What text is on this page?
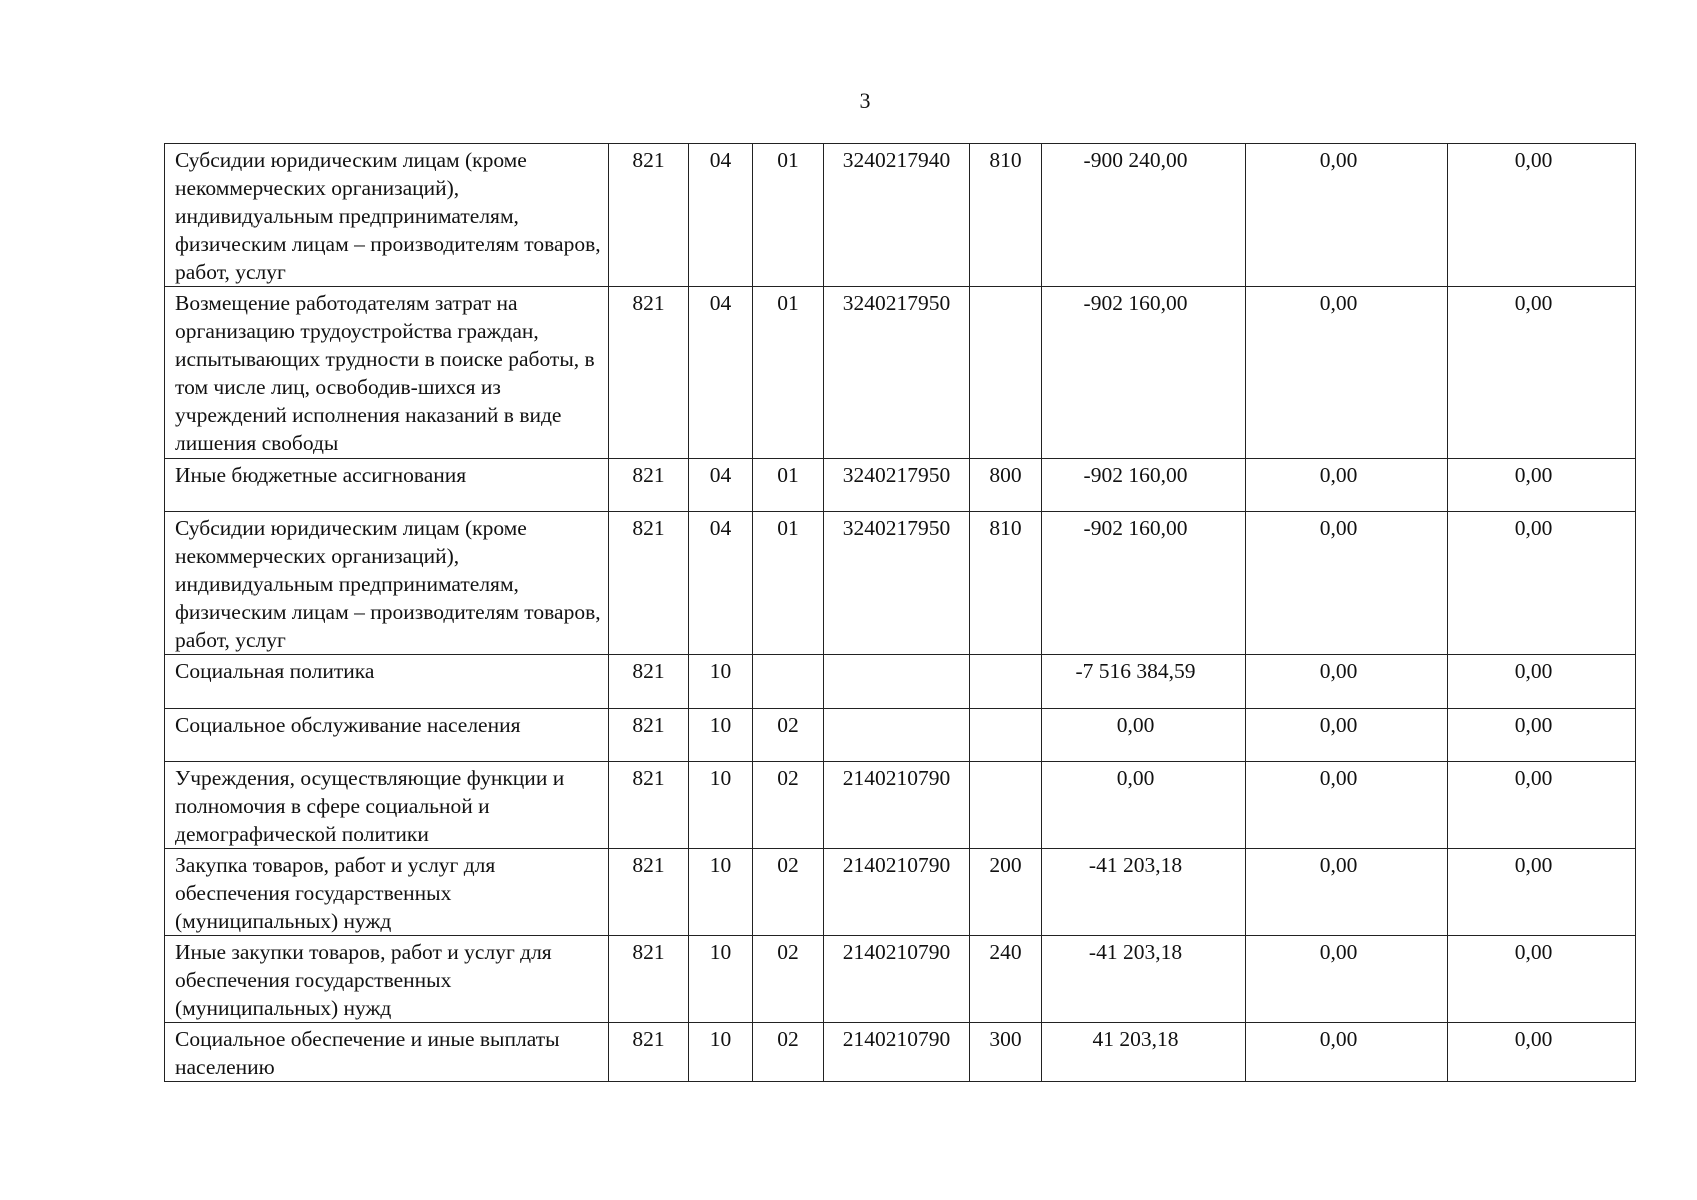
3
Субсидии юридическим лицам (кроме некоммерческих организаций), индивидуальным предпринимателям, физическим лицам – производителям товаров, работ, услуг	821	04	01	3240217940	810	-900 240,00	0,00	0,00
Возмещение работодателям затрат на организацию трудоустройства граждан, испытывающих трудности в поиске работы, в том числе лиц, освободив-шихся из учреждений исполнения наказаний в виде лишения свободы	821	04	01	3240217950		-902 160,00	0,00	0,00
Иные бюджетные ассигнования	821	04	01	3240217950	800	-902 160,00	0,00	0,00
Субсидии юридическим лицам (кроме некоммерческих организаций), индивидуальным предпринимателям, физическим лицам – производителям товаров, работ, услуг	821	04	01	3240217950	810	-902 160,00	0,00	0,00
Социальная политика	821	10				-7 516 384,59	0,00	0,00
Социальное обслуживание населения	821	10	02			0,00	0,00	0,00
Учреждения, осуществляющие функции и полномочия в сфере социальной и демографической политики	821	10	02	2140210790		0,00	0,00	0,00
Закупка товаров, работ и услуг для обеспечения государственных (муниципальных) нужд	821	10	02	2140210790	200	-41 203,18	0,00	0,00
Иные закупки товаров, работ и услуг для обеспечения государственных (муниципальных) нужд	821	10	02	2140210790	240	-41 203,18	0,00	0,00
Социальное обеспечение и иные выплаты населению	821	10	02	2140210790	300	41 203,18	0,00	0,00
